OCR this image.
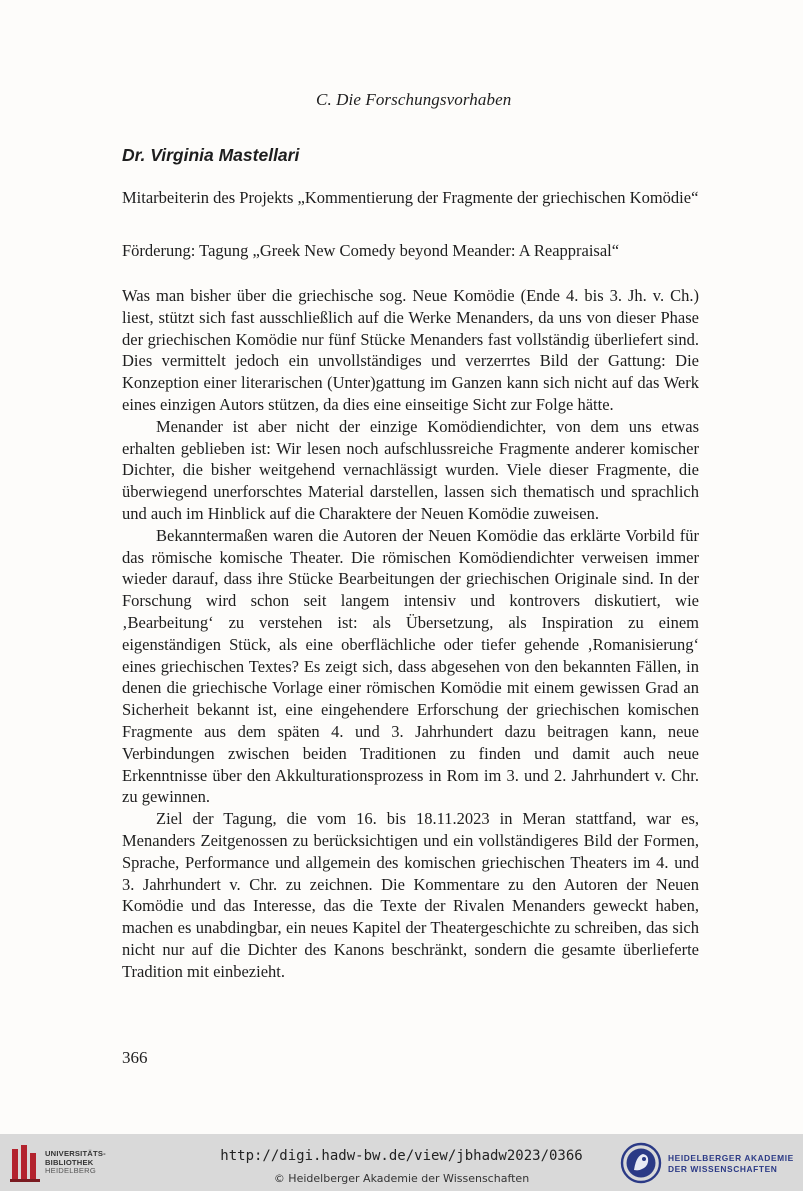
C. Die Forschungsvorhaben
Dr. Virginia Mastellari
Mitarbeiterin des Projekts „Kommentierung der Fragmente der griechischen Komödie“
Förderung: Tagung „Greek New Comedy beyond Meander: A Reappraisal“

Was man bisher über die griechische sog. Neue Komödie (Ende 4. bis 3. Jh. v. Ch.) liest, stützt sich fast ausschließlich auf die Werke Menanders, da uns von dieser Phase der griechischen Komödie nur fünf Stücke Menanders fast vollständig überliefert sind. Dies vermittelt jedoch ein unvollständiges und verzerrtes Bild der Gattung: Die Konzeption einer literarischen (Unter)gattung im Ganzen kann sich nicht auf das Werk eines einzigen Autors stützen, da dies eine einseitige Sicht zur Folge hätte.

Menander ist aber nicht der einzige Komödiendichter, von dem uns etwas erhalten geblieben ist: Wir lesen noch aufschlussreiche Fragmente anderer komischer Dichter, die bisher weitgehend vernachlässigt wurden. Viele dieser Fragmente, die überwiegend unerforschtes Material darstellen, lassen sich thematisch und sprachlich und auch im Hinblick auf die Charaktere der Neuen Komödie zuweisen.

Bekanntermaßen waren die Autoren der Neuen Komödie das erklärte Vorbild für das römische komische Theater. Die römischen Komödiendichter verweisen immer wieder darauf, dass ihre Stücke Bearbeitungen der griechischen Originale sind. In der Forschung wird schon seit langem intensiv und kontrovers diskutiert, wie ‚Bearbeitung‘ zu verstehen ist: als Übersetzung, als Inspiration zu einem eigenständigen Stück, als eine oberflächliche oder tiefer gehende ‚Romanisierung‘ eines griechischen Textes? Es zeigt sich, dass abgesehen von den bekannten Fällen, in denen die griechische Vorlage einer römischen Komödie mit einem gewissen Grad an Sicherheit bekannt ist, eine eingehendere Erforschung der griechischen komischen Fragmente aus dem späten 4. und 3. Jahrhundert dazu beitragen kann, neue Verbindungen zwischen beiden Traditionen zu finden und damit auch neue Erkenntnisse über den Akkulturationsprozess in Rom im 3. und 2. Jahrhundert v. Chr. zu gewinnen.

Ziel der Tagung, die vom 16. bis 18.11.2023 in Meran stattfand, war es, Menanders Zeitgenossen zu berücksichtigen und ein vollständigeres Bild der Formen, Sprache, Performance und allgemein des komischen griechischen Theaters im 4. und 3. Jahrhundert v. Chr. zu zeichnen. Die Kommentare zu den Autoren der Neuen Komödie und das Interesse, das die Texte der Rivalen Menanders geweckt haben, machen es unabdingbar, ein neues Kapitel der Theatergeschichte zu schreiben, das sich nicht nur auf die Dichter des Kanons beschränkt, sondern die gesamte überlieferte Tradition mit einbezieht.

366
UNIVERSITÄTS-
BIBLIOTHEK
HEIDELBERG
http://digi.hadw-bw.de/view/jbhadw2023/0366
© Heidelberger Akademie der Wissenschaften
HEIDELBERGER AKADEMIE
DER WISSENSCHAFTEN
